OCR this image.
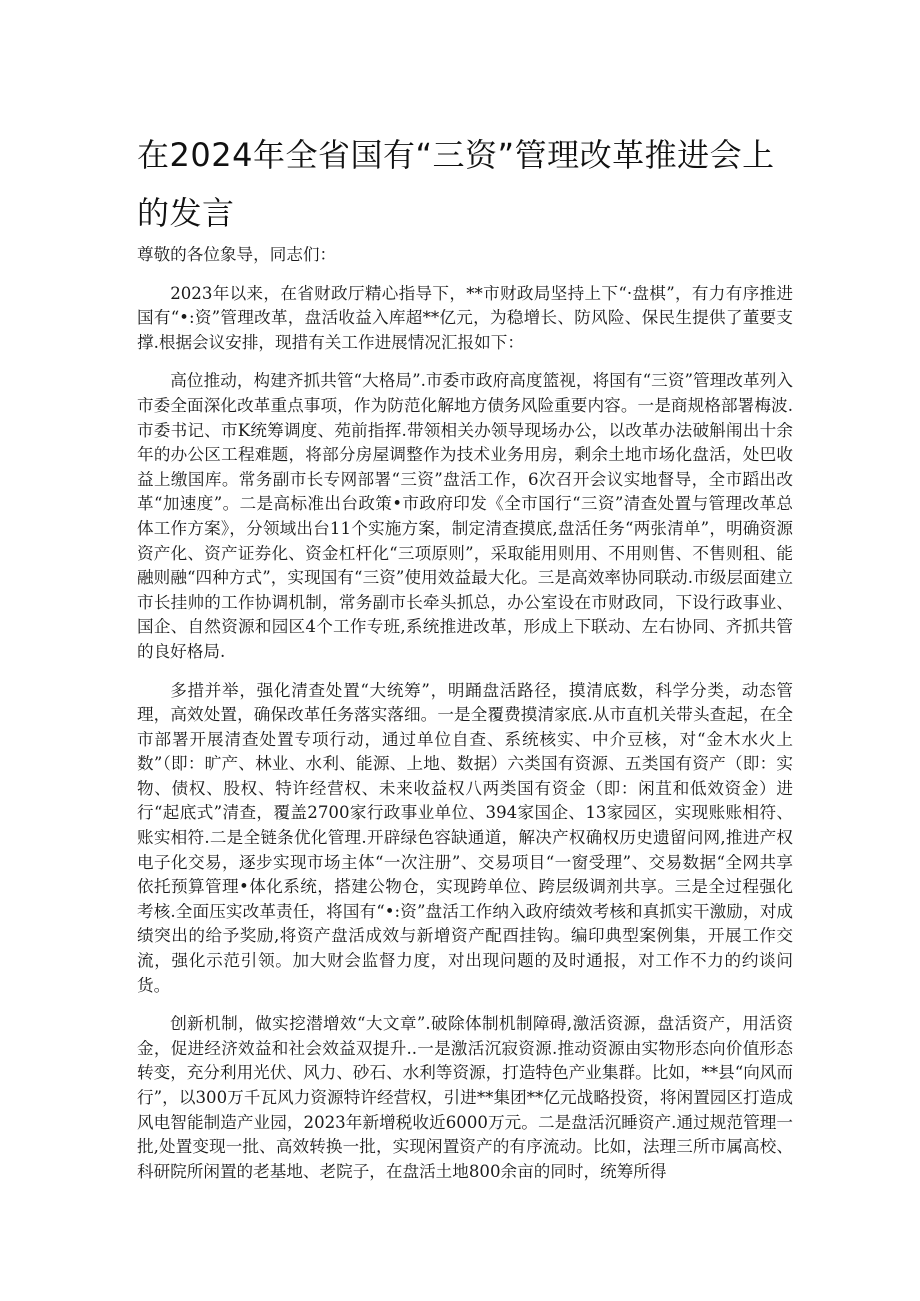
在2024年全省国有“三资”管理改革推进会上的发言

尊敬的各位象导，同志们：

2023年以来，在省财政厅精心指导下，**市财政局坚持上下“·盘棋”，有力有序推进国有“•:资”管理改革，盘活收益入库超**亿元，为稳增长、防风险、保民生提供了董要支撑.根据会议安排，现措有关工作进展情况汇报如下：

高位推动，构建齐抓共管“大格局”.市委市政府高度篮视，将国有“三资”管理改革列入市委全面深化改革重点事项，作为防范化解地方债务风险重要内容。一是商规格部署梅波.市委书记、市K统筹调度、苑前指挥.带领相关办领导现场办公，以改革办法破斛闱出十余年的办公区工程难题，将部分房屋调整作为技术业务用房，剩余土地市场化盘活，处巴收益上缴国库。常务副市长专网部署“三资”盘活工作，6次召开会议实地督导，全市蹈出改革“加速度”。二是高标准出台政策•市政府印发《全市国行“三资”清查处置与管理改革总体工作方案》，分领域出台11个实施方案，制定清查摸底,盘活任务“两张清单”，明确资源资产化、资产证券化、资金杠杆化“三项原则”，采取能用则用、不用则售、不售则租、能融则融“四种方式”，实现国有“三资”使用效益最大化。三是高效率协同联动.市级层面建立市长挂帅的工作协调机制，常务副市长牵头抓总，办公室设在市财政同，下设行政事业、国企、自然资源和园区4个工作专班,系统推进改革，形成上下联动、左右协同、齐抓共管的良好格局.

多措并举，强化清查处置“大统筹”，明踊盘活路径，摸清底数，科学分类，动态管理，高效处置，确保改革任务落实落细。一是全覆费摸清家底.从市直机关带头查起，在全市部署开展清查处置专项行动，通过单位自查、系统核实、中介豆核，对“金木水火上数”（即：旷产、林业、水利、能源、上地、数据）六类国有资源、五类国有资产（即：实物、债权、股权、特许经营权、未来收益权八两类国有资金（即：闲苴和低效资金）进行“起底式”清查，覆盖2700家行政事业单位、394家国企、13家园区，实现账账相符、账实相符.二是全链条优化管理.开辟绿色容缺通道，解决产权确权历史遗留问网,推进产权电子化交易，逐步实现市场主体“一次注册”、交易项目“一窗受理”、交易数据“全网共享依托预算管理•体化系统，搭建公物仓，实现跨单位、跨层级调剂共享。三是全过程强化考核.全面压实改革责任，将国有“•:资”盘活工作纳入政府绩效考核和真抓实干激励，对成绩突出的给予奖励,将资产盘活成效与新增资产配酉挂钩。编印典型案例集，开展工作交流，强化示范引领。加大财会监督力度，对出现问题的及时通报，对工作不力的约谈问货。

创新机制，做实挖潜增效“大文章”.破除体制机制障碍,激活资源，盘活资产，用活资金，促进经济效益和社会效益双提升..一是激活沉寂资源.推动资源由实物形态向价值形态转变，充分利用光伏、风力、砂石、水利等资源，打造特色产业集群。比如，**县“向风而行”，以300万千瓦风力资源特许经营权，引进**集团**亿元战略投资，将闲置园区打造成风电智能制造产业园，2023年新增税收近6000万元。二是盘活沉睡资产.通过规范管理一批,处置变现一批、高效转换一批，实现闲置资产的有序流动。比如，法理三所市属高校、科研院所闲置的老基地、老院子，在盘活土地800余亩的同时，统筹所得
